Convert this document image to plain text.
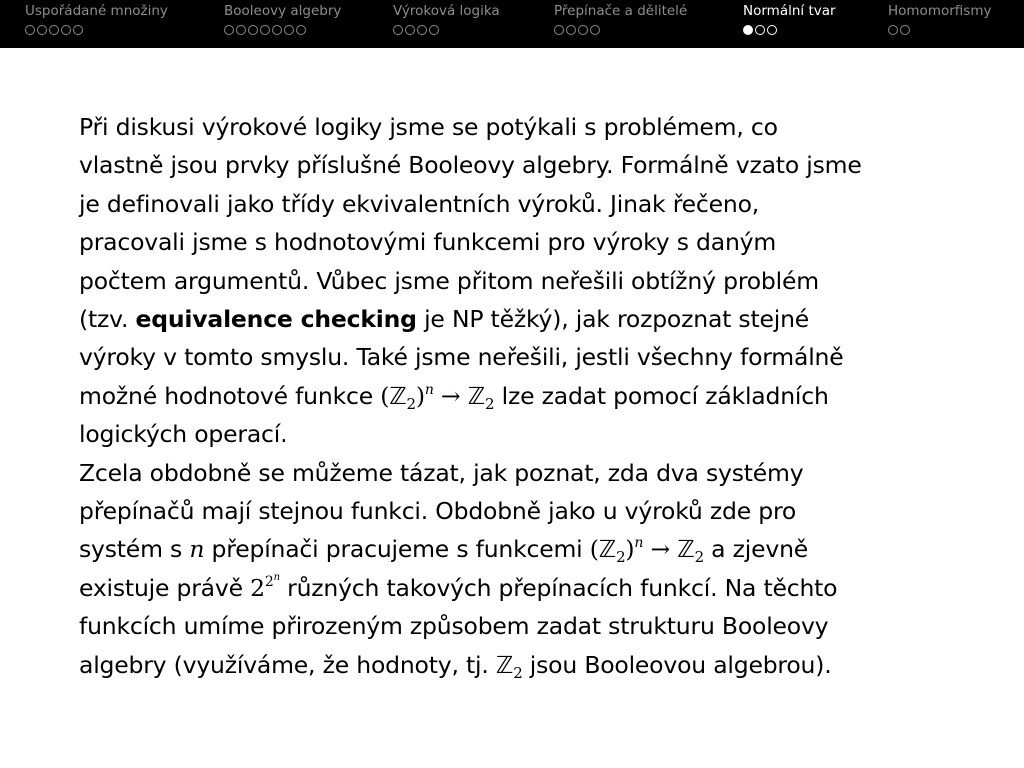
Uspořádané množiny	Booleovy algebry	Výroková logika	Přepínače a dělitelé	Normální tvar	Homomorfismy

Při diskusi výrokové logiky jsme se potýkali s problémem, co
vlastně jsou prvky příslušné Booleovy algebry. Formálně vzato jsme
je definovali jako třídy ekvivalentních výroků. Jinak řečeno,
pracovali jsme s hodnotovými funkcemi pro výroky s daným
počtem argumentů. Vůbec jsme přitom neřešili obtížný problém
(tzv. equivalence checking je NP těžký), jak rozpoznat stejné
výroky v tomto smyslu. Také jsme neřešili, jestli všechny formálně
možné hodnotové funkce (ℤ$_2$)$^n$ → ℤ$_2$ lze zadat pomocí základních
logických operací.

Zcela obdobně se můžeme tázat, jak poznat, zda dva systémy
přepínačů mají stejnou funkci. Obdobně jako u výroků zde pro
systém s n přepínači pracujeme s funkcemi (ℤ$_2$)$^n$ → ℤ$_2$ a zjevně
existuje právě $2^{2^n}$ různých takových přepínacích funkcí. Na těchto
funkcích umíme přirozeným způsobem zadat strukturu Booleovy
algebry (využíváme, že hodnoty, tj. ℤ$_2$ jsou Booleovou algebrou).
